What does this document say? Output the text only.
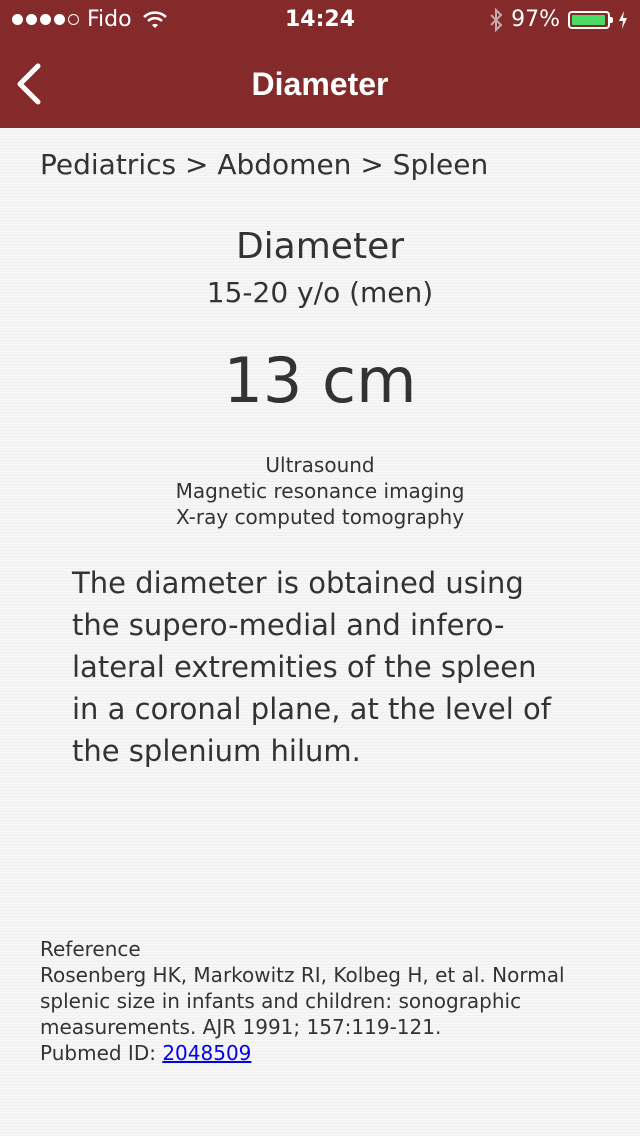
Fido	14:24	97%
Diameter
Pediatrics > Abdomen > Spleen
Diameter
15-20 y/o (men)
13 cm
Ultrasound
Magnetic resonance imaging
X-ray computed tomography
The diameter is obtained using the supero-medial and infero-lateral extremities of the spleen in a coronal plane, at the level of the splenium hilum.
Reference
Rosenberg HK, Markowitz RI, Kolbeg H, et al. Normal splenic size in infants and children: sonographic measurements. AJR 1991; 157:119-121.
Pubmed ID: 2048509
